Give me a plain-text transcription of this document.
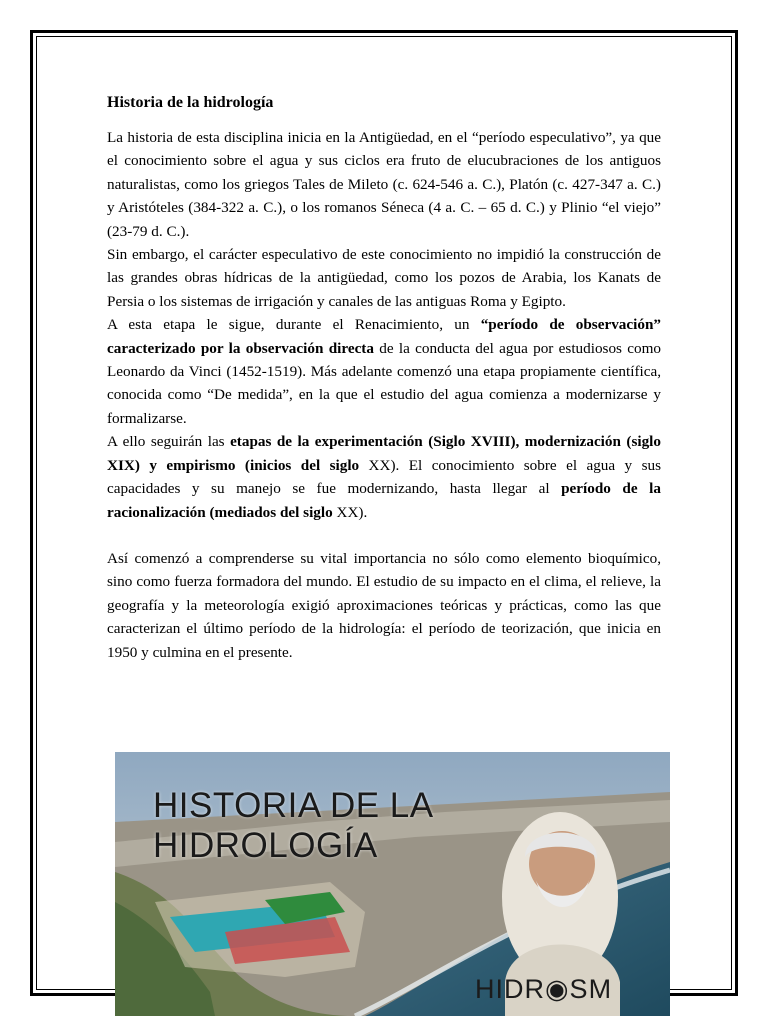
Historia de la hidrología

La historia de esta disciplina inicia en la Antigüedad, en el “período especulativo”, ya que el conocimiento sobre el agua y sus ciclos era fruto de elucubraciones de los antiguos naturalistas, como los griegos Tales de Mileto (c. 624-546 a. C.), Platón (c. 427-347 a. C.) y Aristóteles (384-322 a. C.), o los romanos Séneca (4 a. C. – 65 d. C.) y Plinio “el viejo” (23-79 d. C.).

Sin embargo, el carácter especulativo de este conocimiento no impidió la construcción de las grandes obras hídricas de la antigüedad, como los pozos de Arabia, los Kanats de Persia o los sistemas de irrigación y canales de las antiguas Roma y Egipto.

A esta etapa le sigue, durante el Renacimiento, un “período de observación” caracterizado por la observación directa de la conducta del agua por estudiosos como Leonardo da Vinci (1452-1519). Más adelante comenzó una etapa propiamente científica, conocida como “De medida”, en la que el estudio del agua comienza a modernizarse y formalizarse.

A ello seguirán las etapas de la experimentación (Siglo XVIII), modernización (siglo XIX) y empirismo (inicios del siglo XX). El conocimiento sobre el agua y sus capacidades y su manejo se fue modernizando, hasta llegar al período de la racionalización (mediados del siglo XX).

Así comenzó a comprenderse su vital importancia no sólo como elemento bioquímico, sino como fuerza formadora del mundo. El estudio de su impacto en el clima, el relieve, la geografía y la meteorología exigió aproximaciones teóricas y prácticas, como las que caracterizan el último período de la hidrología: el período de teorización, que inicia en 1950 y culmina en el presente.

HISTORIA DE LA
HIDROLOGÍA
HIDR◉SM
